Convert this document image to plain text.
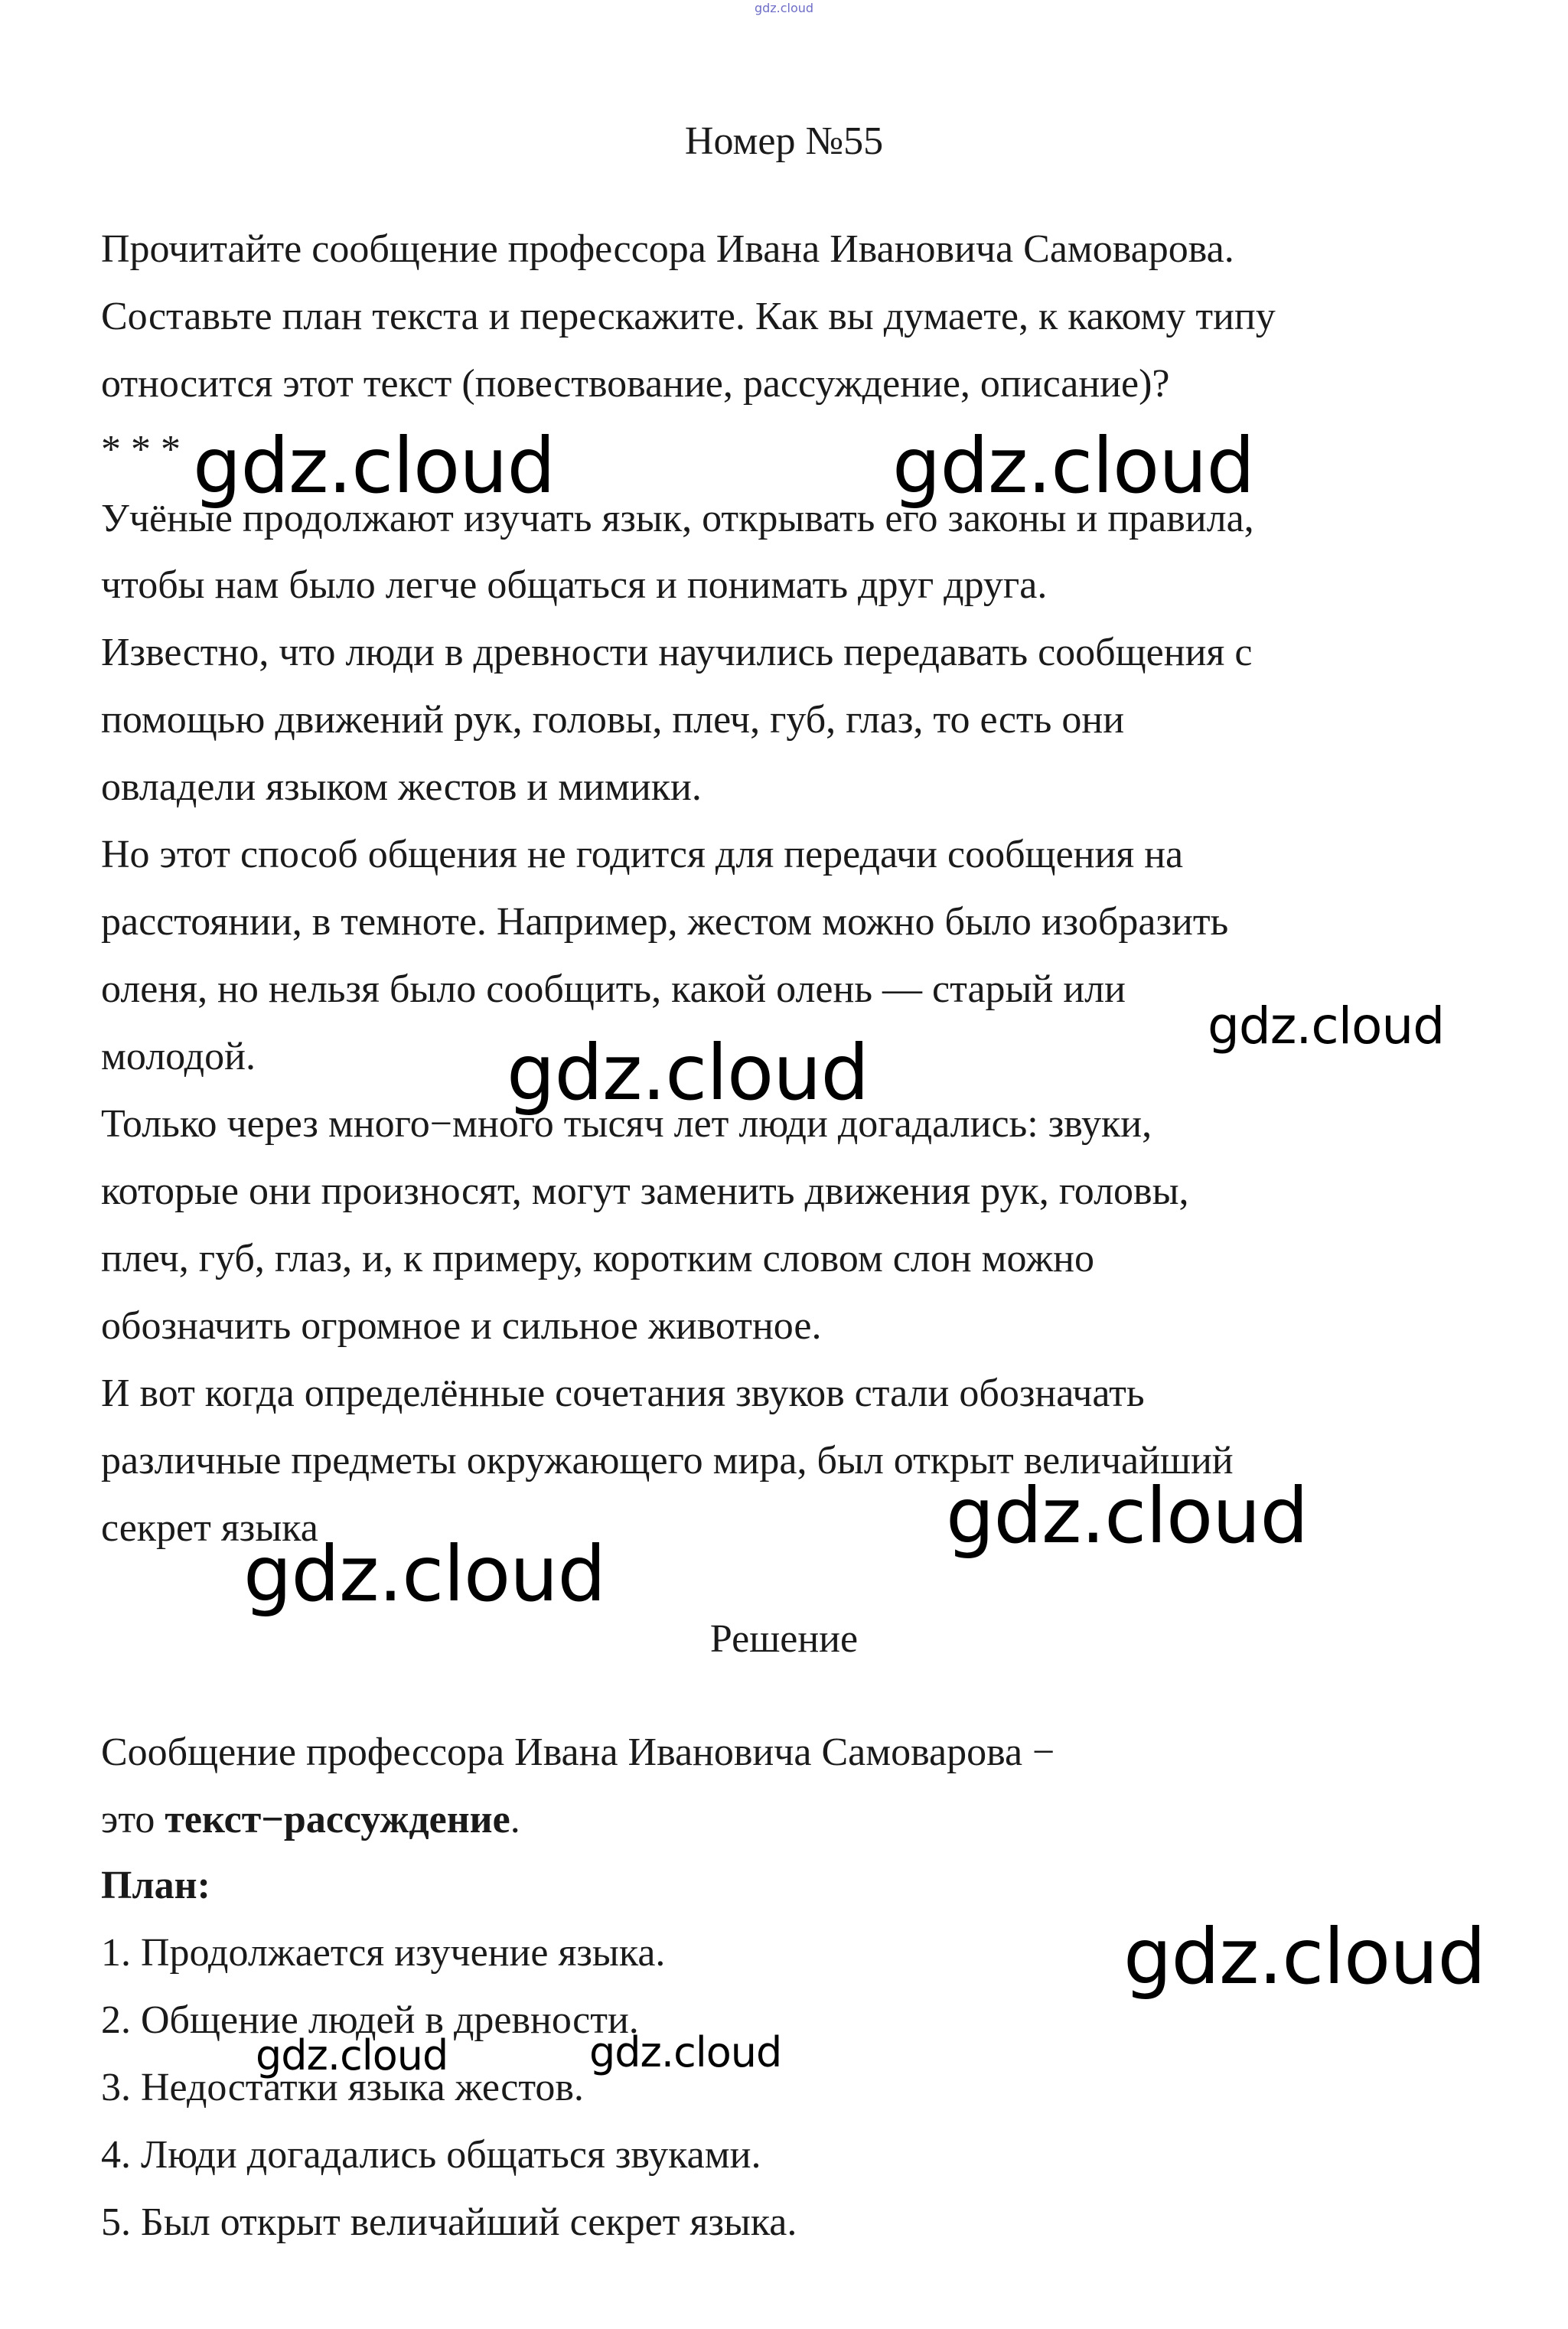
gdz.cloud
Номер №55
Прочитайте сообщение профессора Ивана Ивановича Самоварова.
Составьте план текста и перескажите. Как вы думаете, к какому типу
относится этот текст (повествование, рассуждение, описание)?
* * *
Учёные продолжают изучать язык, открывать его законы и правила,
чтобы нам было легче общаться и понимать друг друга.
Известно, что люди в древности научились передавать сообщения с
помощью движений рук, головы, плеч, губ, глаз, то есть они
овладели языком жестов и мимики.
Но этот способ общения не годится для передачи сообщения на
расстоянии, в темноте. Например, жестом можно было изобразить
оленя, но нельзя было сообщить, какой олень — старый или
молодой.
Только через много−много тысяч лет люди догадались: звуки,
которые они произносят, могут заменить движения рук, головы,
плеч, губ, глаз, и, к примеру, коротким словом слон можно
обозначить огромное и сильное животное.
И вот когда определённые сочетания звуков стали обозначать
различные предметы окружающего мира, был открыт величайший
секрет языка
Решение
Сообщение профессора Ивана Ивановича Самоварова −
это текст−рассуждение.
План:
1. Продолжается изучение языка.
2. Общение людей в древности.
3. Недостатки языка жестов.
4. Люди догадались общаться звуками.
5. Был открыт величайший секрет языка.
gdz.cloud	gdz.cloud
gdz.cloud
gdz.cloud
gdz.cloud
gdz.cloud
gdz.cloud
gdz.cloud	gdz.cloud
